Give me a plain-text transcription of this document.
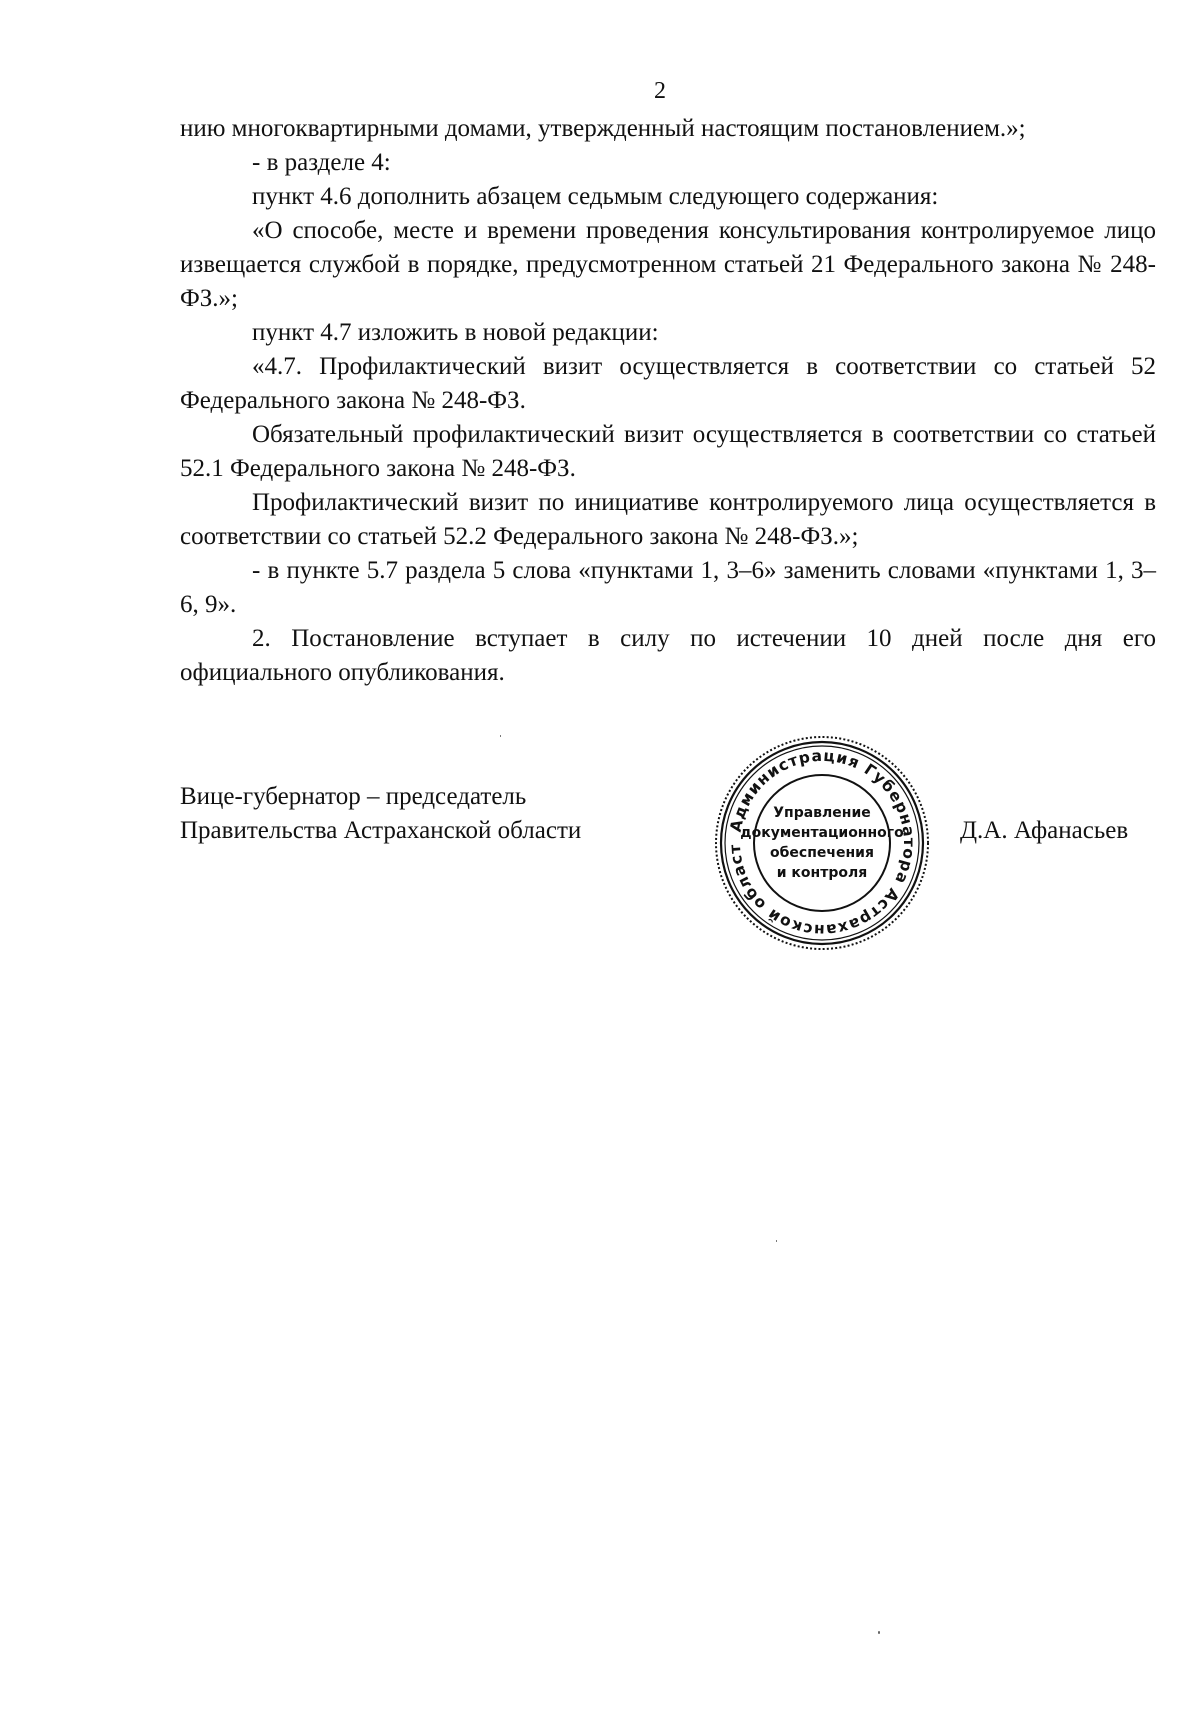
2

нию многоквартирными домами, утвержденный настоящим постановлением.»;

- в разделе 4:

пункт 4.6 дополнить абзацем седьмым следующего содержания:

«О способе, месте и времени проведения консультирования контролируемое лицо извещается службой в порядке, предусмотренном статьей 21 Федерального закона № 248-ФЗ.»;

пункт 4.7 изложить в новой редакции:

«4.7. Профилактический визит осуществляется в соответствии со статьей 52 Федерального закона № 248-ФЗ.

Обязательный профилактический визит осуществляется в соответствии со статьей 52.1 Федерального закона № 248-ФЗ.

Профилактический визит по инициативе контролируемого лица осуществляется в соответствии со статьей 52.2 Федерального закона № 248-ФЗ.»;

- в пункте 5.7 раздела 5 слова «пунктами 1, 3–6» заменить словами «пунктами 1, 3–6, 9».

2. Постановление вступает в силу по истечении 10 дней после дня его официального опубликования.

Вице-губернатор – председатель
Правительства Астраханской области	Д.А. Афанасьев
Администрация Губернатора Астраханской област
Управление
документационного
обеспечения
и контроля
